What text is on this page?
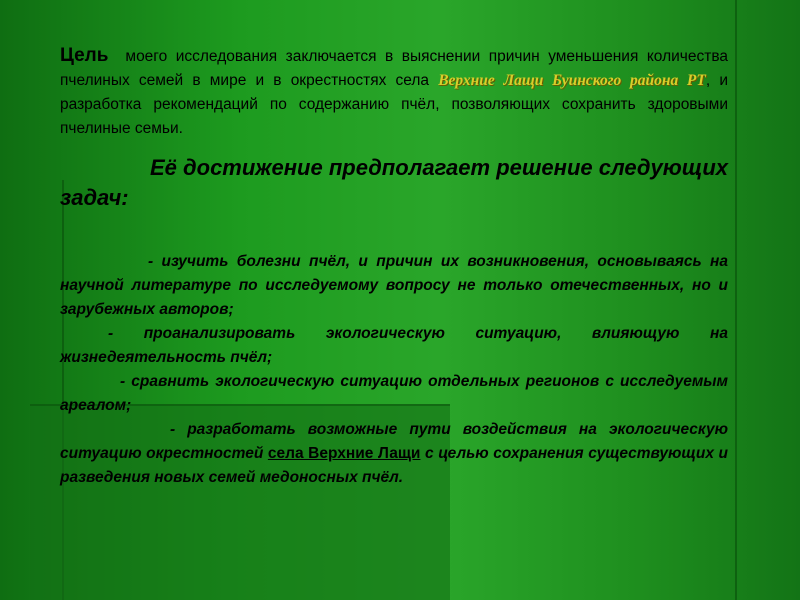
Цель моего исследования заключается в выяснении причин уменьшения количества пчелиных семей в мире и в окрестностях села Верхние Лащи Буинского района РТ, и разработка рекомендаций по содержанию пчёл, позволяющих сохранить здоровыми пчелиные семьи.

Её достижение предполагает решение следующих задач:

- изучить болезни пчёл, и причин их возникновения, основываясь на научной литературе по исследуемому вопросу не только отечественных, но и зарубежных авторов;

- проанализировать экологическую ситуацию, влияющую на жизнедеятельность пчёл;

- сравнить экологическую ситуацию отдельных регионов с исследуемым ареалом;

- разработать возможные пути воздействия на экологическую ситуацию окрестностей села Верхние Лащи с целью сохранения существующих и разведения новых семей медоносных пчёл.
